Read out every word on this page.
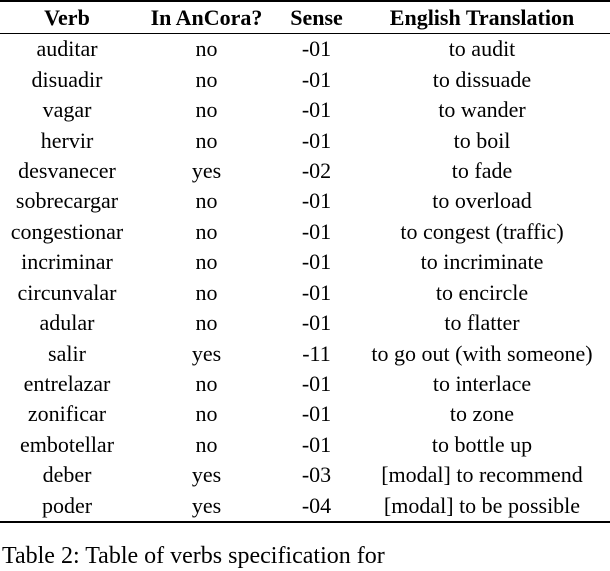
Verb	In AnCora?	Sense	English Translation
auditar	no	-01	to audit
disuadir	no	-01	to dissuade
vagar	no	-01	to wander
hervir	no	-01	to boil
desvanecer	yes	-02	to fade
sobrecargar	no	-01	to overload
congestionar	no	-01	to congest (traffic)
incriminar	no	-01	to incriminate
circunvalar	no	-01	to encircle
adular	no	-01	to flatter
salir	yes	-11	to go out (with someone)
entrelazar	no	-01	to interlace
zonificar	no	-01	to zone
embotellar	no	-01	to bottle up
deber	yes	-03	[modal] to recommend
poder	yes	-04	[modal] to be possible
Table 2: Table of verbs specification for
